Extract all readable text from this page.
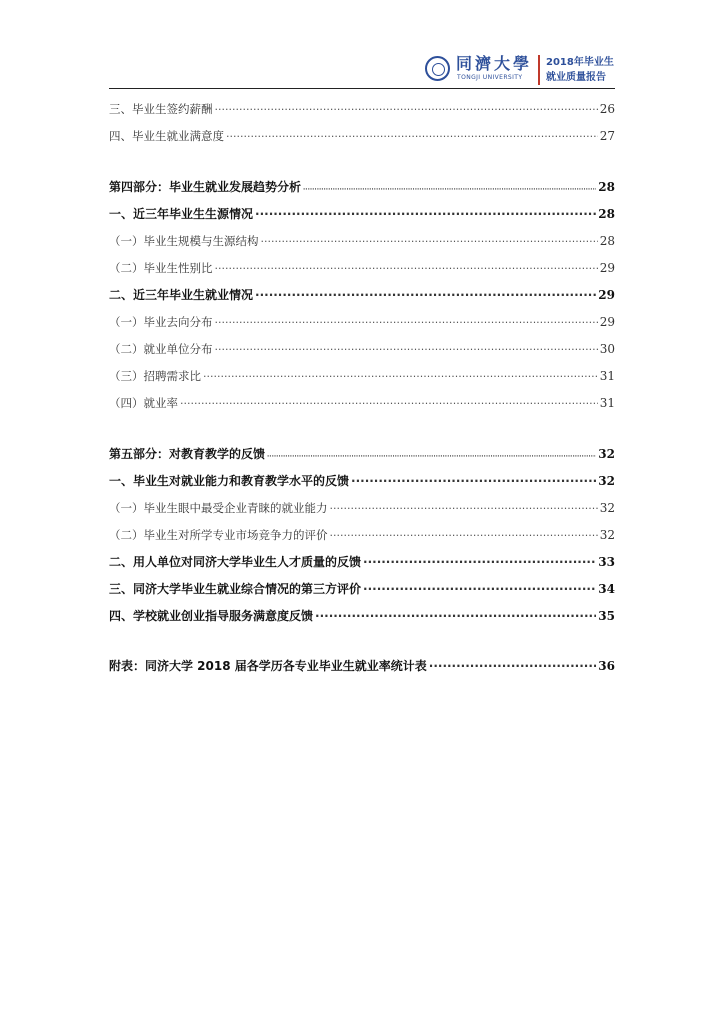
同濟大學
TONGJI UNIVERSITY
2018年毕业生
就业质量报告
三、毕业生签约薪酬 ·····	26
四、毕业生就业满意度 ·····	27
第四部分：毕业生就业发展趋势分析 ·····	28
一、近三年毕业生生源情况 ·····	28
（一）毕业生规模与生源结构 ·····	28
（二）毕业生性别比 ·····	29
二、近三年毕业生就业情况 ·····	29
（一）毕业去向分布 ·····	29
（二）就业单位分布 ·····	30
（三）招聘需求比 ·····	31
（四）就业率 ·····	31
第五部分：对教育教学的反馈 ·····	32
一、毕业生对就业能力和教育教学水平的反馈 ·····	32
（一）毕业生眼中最受企业青睐的就业能力 ·····	32
（二）毕业生对所学专业市场竞争力的评价 ·····	32
二、用人单位对同济大学毕业生人才质量的反馈 ·····	33
三、同济大学毕业生就业综合情况的第三方评价 ·····	34
四、学校就业创业指导服务满意度反馈 ·····	35
附表：同济大学 2018 届各学历各专业毕业生就业率统计表 ·····	36
